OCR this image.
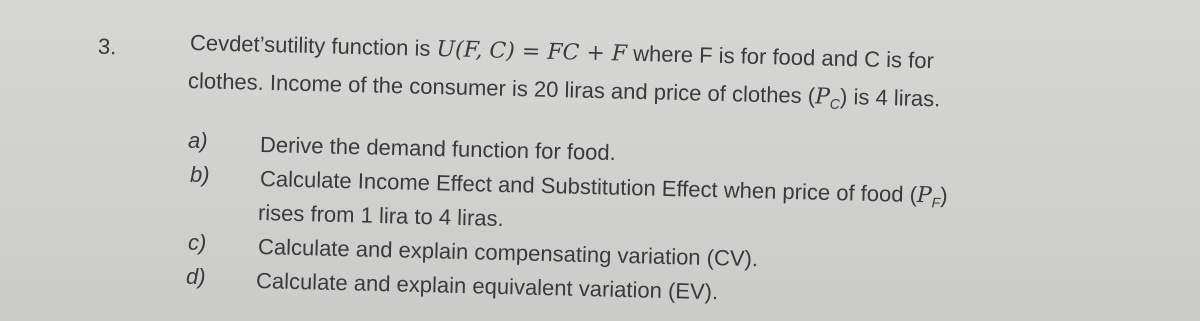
3.	Cevdet’sutility function is U(F, C) = FC + F where F is for food and C is for
clothes. Income of the consumer is 20 liras and price of clothes $(P_C)$ is 4 liras.
a) Derive the demand function for food.
b) Calculate Income Effect and Substitution Effect when price of food $(P_F)$
rises from 1 lira to 4 liras.
c) Calculate and explain compensating variation (CV).
d) Calculate and explain equivalent variation (EV).
